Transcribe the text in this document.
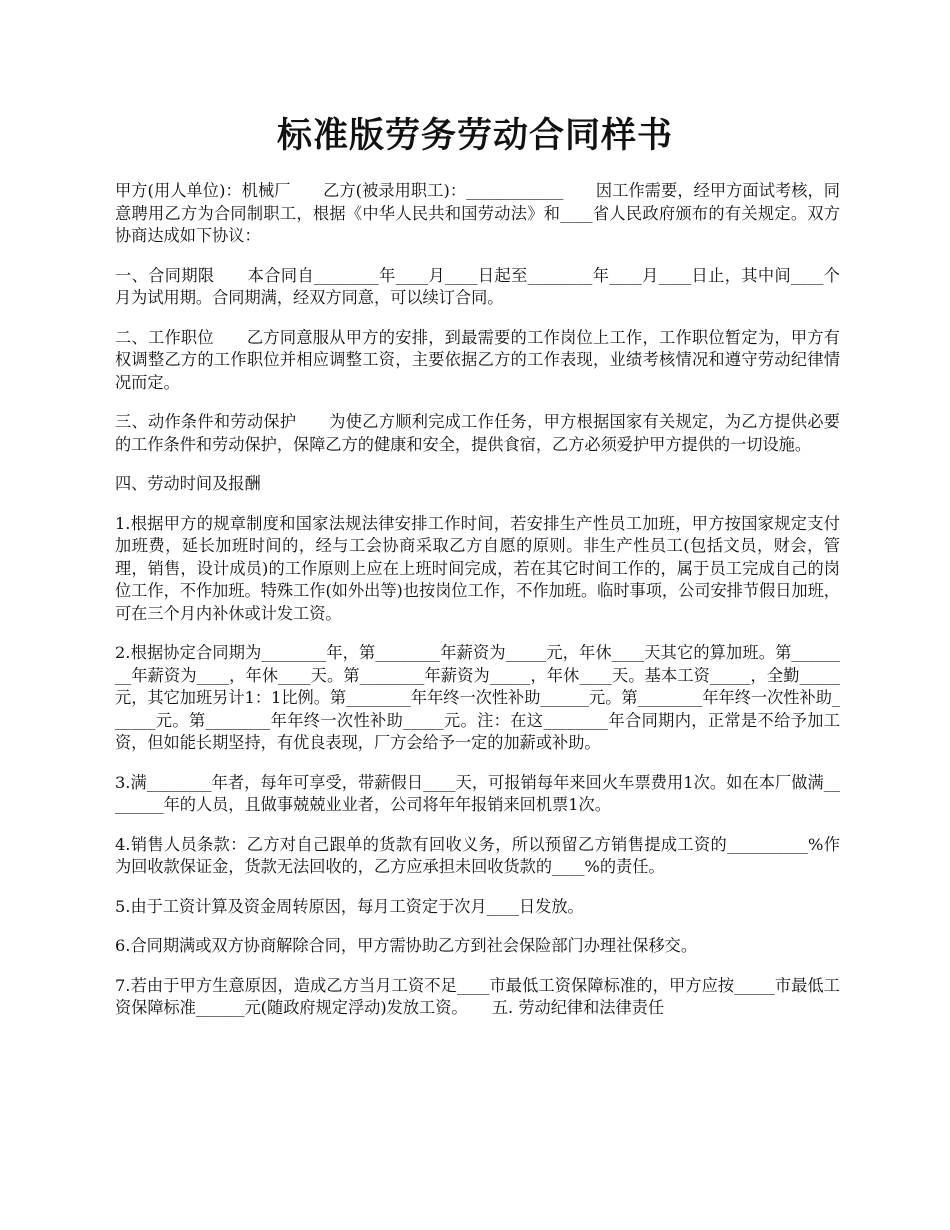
标准版劳务劳动合同样书

甲方(用人单位)：机械厂　　乙方(被录用职工)：____________　　因工作需要，经甲方面试考核，同意聘用乙方为合同制职工，根据《中华人民共和国劳动法》和____省人民政府颁布的有关规定。双方协商达成如下协议：

一、合同期限　　本合同自________年____月____日起至________年____月____日止，其中间____个月为试用期。合同期满，经双方同意，可以续订合同。

二、工作职位　　乙方同意服从甲方的安排，到最需要的工作岗位上工作，工作职位暂定为，甲方有权调整乙方的工作职位并相应调整工资，主要依据乙方的工作表现，业绩考核情况和遵守劳动纪律情况而定。

三、动作条件和劳动保护　　为使乙方顺利完成工作任务，甲方根据国家有关规定，为乙方提供必要的工作条件和劳动保护，保障乙方的健康和安全，提供食宿，乙方必须爱护甲方提供的一切设施。

四、劳动时间及报酬

1.根据甲方的规章制度和国家法规法律安排工作时间，若安排生产性员工加班，甲方按国家规定支付加班费，延长加班时间的，经与工会协商采取乙方自愿的原则。非生产性员工(包括文员，财会，管理，销售，设计成员)的工作原则上应在上班时间完成，若在其它时间工作的，属于员工完成自己的岗位工作，不作加班。特殊工作(如外出等)也按岗位工作，不作加班。临时事项，公司安排节假日加班，可在三个月内补休或计发工资。

2.根据协定合同期为________年，第________年薪资为_____元，年休____天其它的算加班。第________年薪资为____，年休____天。第________年薪资为_____，年休____天。基本工资_____，全勤_____元，其它加班另计1：1比例。第________年年终一次性补助______元。第________年年终一次性补助______元。第________年年终一次性补助_____元。注：在这________年合同期内，正常是不给予加工资，但如能长期坚持，有优良表现，厂方会给予一定的加薪或补助。

3.满________年者，每年可享受，带薪假日____天，可报销每年来回火车票费用1次。如在本厂做满________年的人员，且做事兢兢业业者，公司将年年报销来回机票1次。

4.销售人员条款：乙方对自己跟单的货款有回收义务，所以预留乙方销售提成工资的__________%作为回收款保证金，货款无法回收的，乙方应承担未回收货款的____%的责任。

5.由于工资计算及资金周转原因，每月工资定于次月____日发放。

6.合同期满或双方协商解除合同，甲方需协助乙方到社会保险部门办理社保移交。

7.若由于甲方生意原因，造成乙方当月工资不足____市最低工资保障标准的，甲方应按_____市最低工资保障标准______元(随政府规定浮动)发放工资。　　五. 劳动纪律和法律责任
